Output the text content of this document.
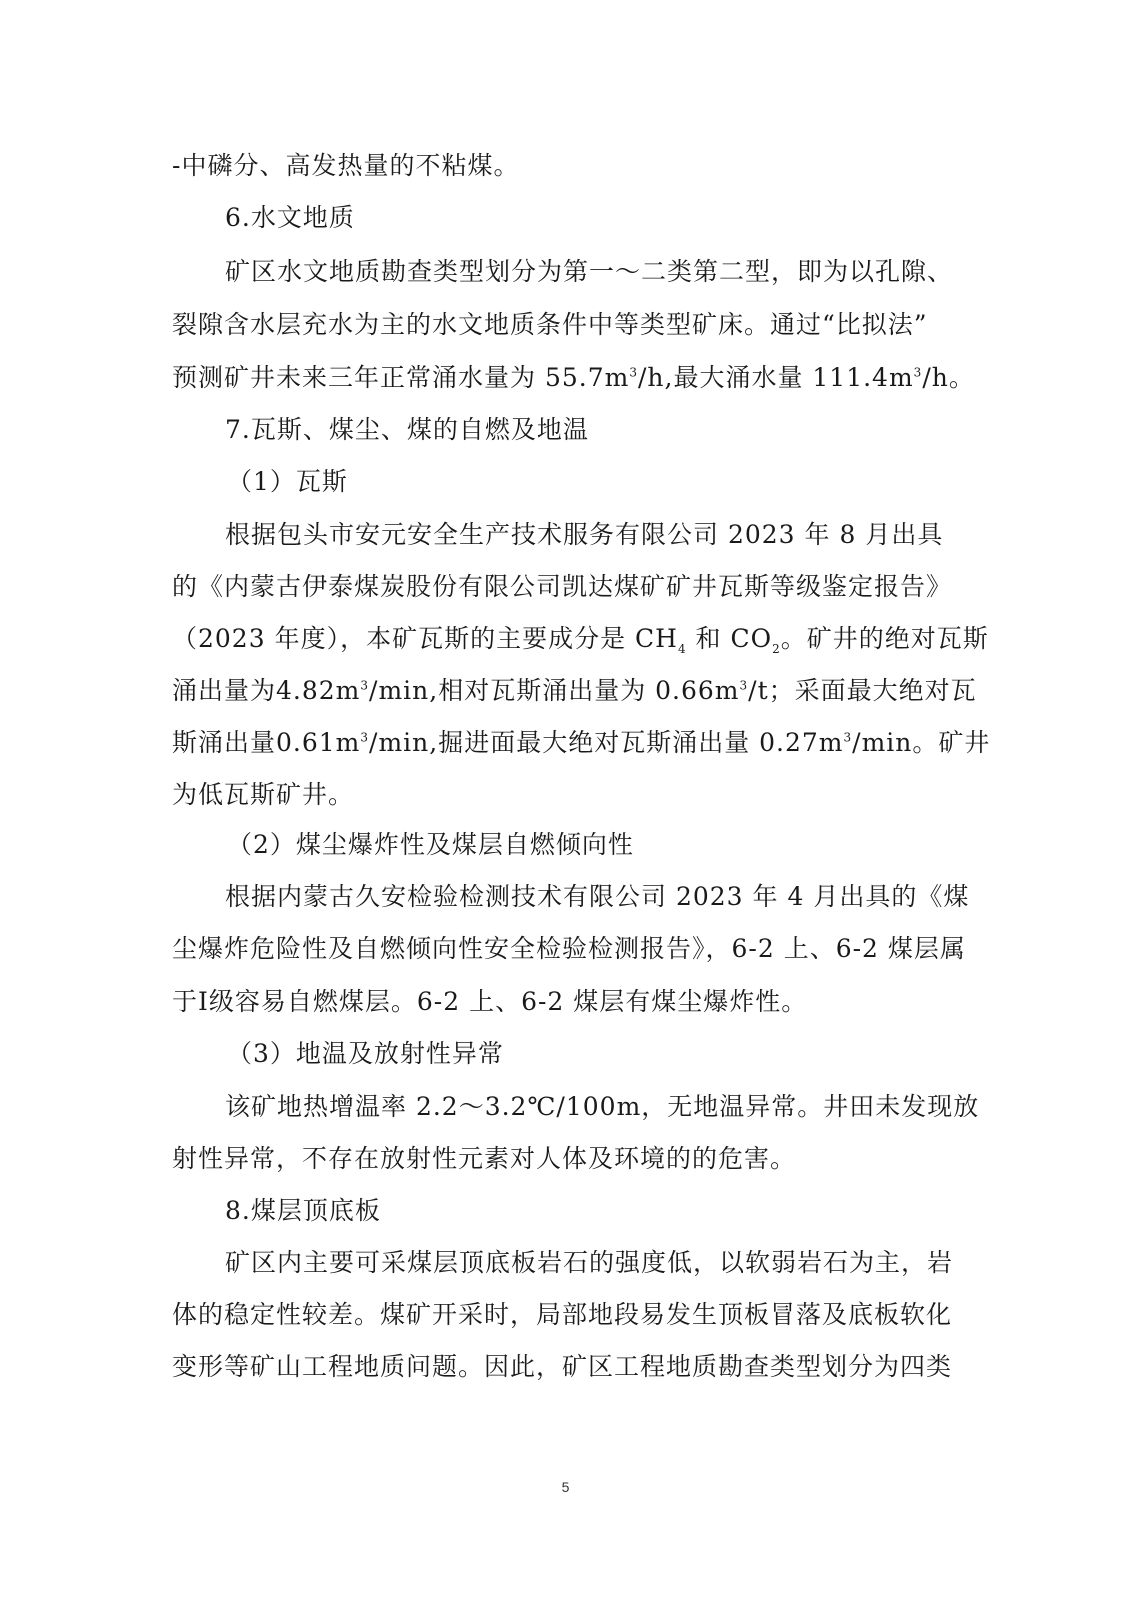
-中磷分、高发热量的不粘煤。
6.水文地质
矿区水文地质勘查类型划分为第一～二类第二型，即为以孔隙、
裂隙含水层充水为主的水文地质条件中等类型矿床。通过“比拟法”
预测矿井未来三年正常涌水量为 $55.7m^3/h$,最大涌水量 $111.4m^3/h$。
7.瓦斯、煤尘、煤的自燃及地温
（1）瓦斯
根据包头市安元安全生产技术服务有限公司 2023 年 8 月出具
的《内蒙古伊泰煤炭股份有限公司凯达煤矿矿井瓦斯等级鉴定报告》
（2023 年度），本矿瓦斯的主要成分是 $CH_4$ 和 $CO_2$。矿井的绝对瓦斯
涌出量为$4.82m^3/\min$,相对瓦斯涌出量为 $0.66m^3/t$；采面最大绝对瓦
斯涌出量$0.61m^3/\min$,掘进面最大绝对瓦斯涌出量 $0.27m^3/\min$。矿井
为低瓦斯矿井。
（2）煤尘爆炸性及煤层自燃倾向性
根据内蒙古久安检验检测技术有限公司 2023 年 4 月出具的《煤
尘爆炸危险性及自燃倾向性安全检验检测报告》，6-2 上、6-2 煤层属
于Ⅰ级容易自燃煤层。6-2 上、6-2 煤层有煤尘爆炸性。
（3）地温及放射性异常
该矿地热增温率 2.2～3.2℃/100m，无地温异常。井田未发现放
射性异常，不存在放射性元素对人体及环境的的危害。
8.煤层顶底板
矿区内主要可采煤层顶底板岩石的强度低，以软弱岩石为主，岩
体的稳定性较差。煤矿开采时，局部地段易发生顶板冒落及底板软化
变形等矿山工程地质问题。因此，矿区工程地质勘查类型划分为四类
5
